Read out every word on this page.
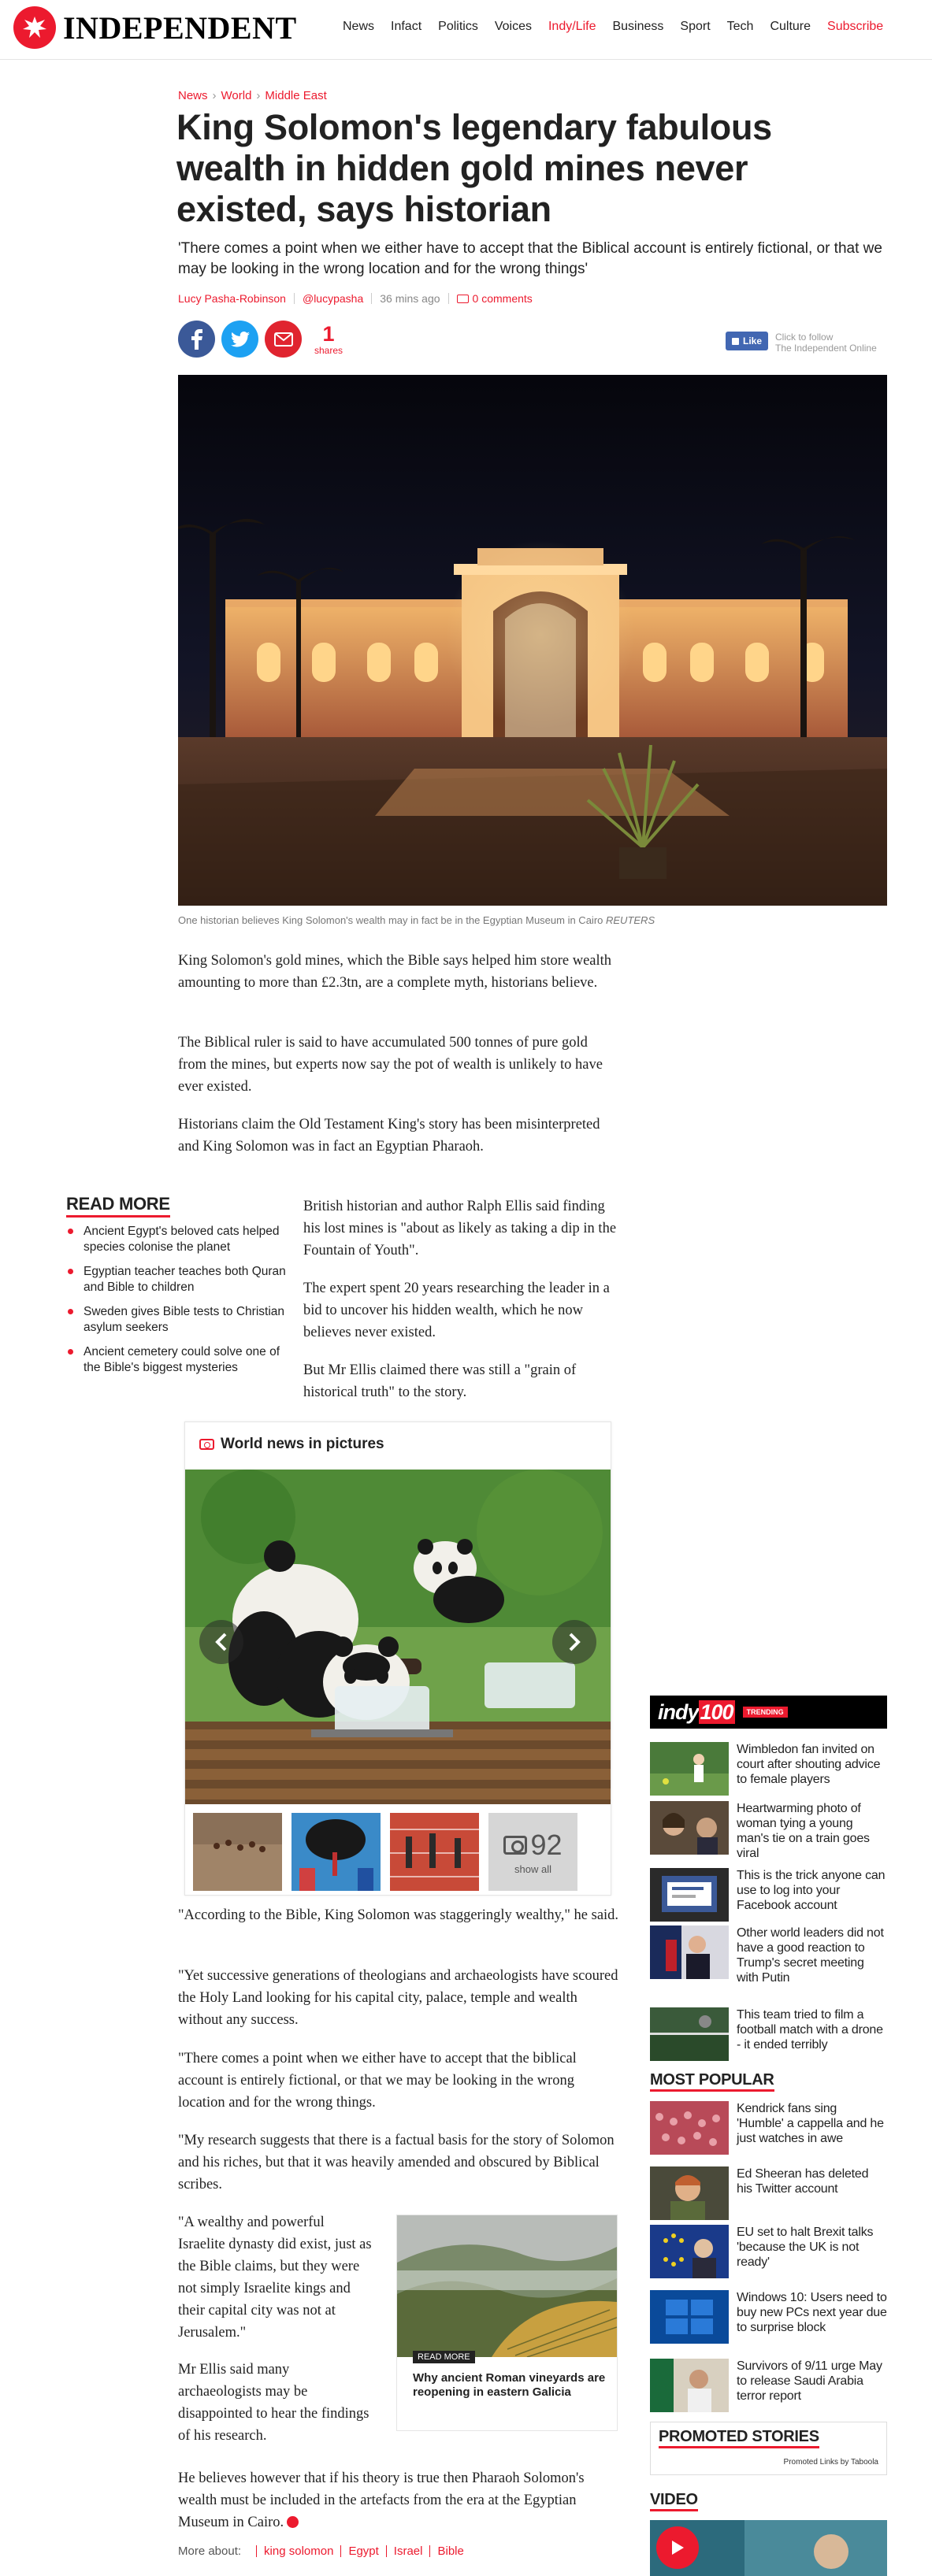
INDEPENDENT	News Infact Politics Voices Indy/Life Business Sport Tech Culture Subscribe
News › World › Middle East
King Solomon's legendary fabulous wealth in hidden gold mines never existed, says historian

'There comes a point when we either have to accept that the Biblical account is entirely fictional, or that we may be looking in the wrong location and for the wrong things'

Lucy Pasha-Robinson @lucypasha 36 mins ago	0 comments
1
shares
Like Click to follow
The Independent Online
One historian believes King Solomon's wealth may in fact be in the Egyptian Museum in Cairo REUTERS

King Solomon's gold mines, which the Bible says helped him store wealth amounting to more than £2.3tn, are a complete myth, historians believe.

The Biblical ruler is said to have accumulated 500 tonnes of pure gold from the mines, but experts now say the pot of wealth is unlikely to have ever existed.

Historians claim the Old Testament King's story has been misinterpreted and King Solomon was in fact an Egyptian Pharaoh.

READ MORE
Ancient Egypt's beloved cats helped species colonise the planet
Egyptian teacher teaches both Quran and Bible to children
Sweden gives Bible tests to Christian asylum seekers
Ancient cemetery could solve one of the Bible's biggest mysteries

British historian and author Ralph Ellis said finding his lost mines is "about as likely as taking a dip in the Fountain of Youth".

The expert spent 20 years researching the leader in a bid to uncover his hidden wealth, which he now believes never existed.

But Mr Ellis claimed there was still a "grain of historical truth" to the story.

World news in pictures
92
show all

"According to the Bible, King Solomon was staggeringly wealthy," he said.

"Yet successive generations of theologians and archaeologists have scoured the Holy Land looking for his capital city, palace, temple and wealth without any success.

"There comes a point when we either have to accept that the biblical account is entirely fictional, or that we may be looking in the wrong location and for the wrong things.

"My research suggests that there is a factual basis for the story of Solomon and his riches, but that it was heavily amended and obscured by Biblical scribes.

"A wealthy and powerful Israelite dynasty did exist, just as the Bible claims, but they were not simply Israelite kings and their capital city was not at Jerusalem."

Mr Ellis said many archaeologists may be disappointed to hear the findings of his research.

READ MORE
Why ancient Roman vineyards are reopening in eastern Galicia

He believes however that if his theory is true then Pharaoh Solomon's wealth must be included in the artefacts from the era at the Egyptian Museum in Cairo.

More about: king solomon Egypt Israel Bible
indy100	TRENDING
Wimbledon fan invited on court after shouting advice to female players
Heartwarming photo of woman tying a young man's tie on a train goes viral
This is the trick anyone can use to log into your Facebook account
Other world leaders did not have a good reaction to Trump's secret meeting with Putin
This team tried to film a football match with a drone - it ended terribly
MOST POPULAR
Kendrick fans sing 'Humble' a cappella and he just watches in awe
Ed Sheeran has deleted his Twitter account
EU set to halt Brexit talks 'because the UK is not ready'
Windows 10: Users need to buy new PCs next year due to surprise block
Survivors of 9/11 urge May to release Saudi Arabia terror report
PROMOTED STORIES
Promoted Links by Taboola
VIDEO
